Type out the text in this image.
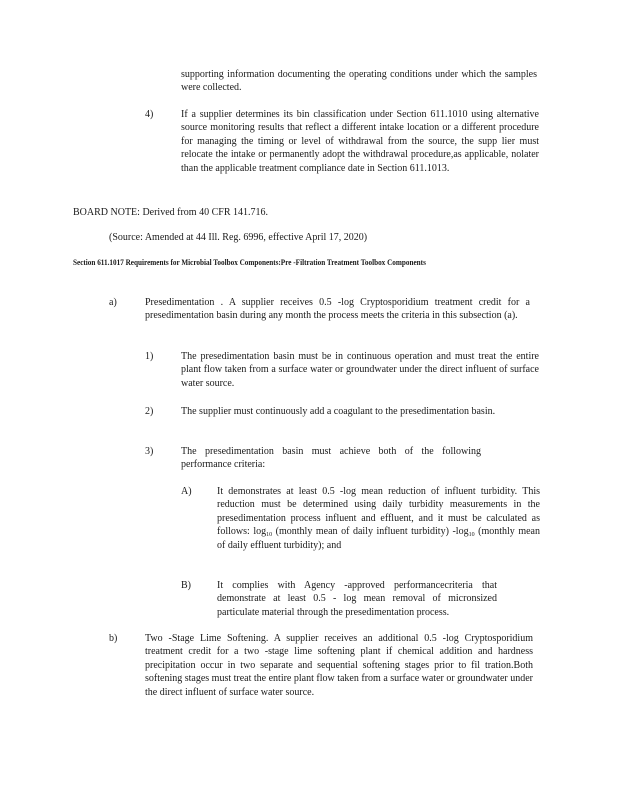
supporting information documenting the operating conditions under which the samples were collected.
4)	If a supplier determines its bin classification under Section 611.1010 using alternative source monitoring results that reflect a different intake location or a different procedure for managing the timing or level of withdrawal from the source, the supp lier must relocate the intake or permanently adopt the withdrawal procedure,as applicable, nolater than the applicable treatment compliance date in Section 611.1013.
BOARD NOTE: Derived from 40 CFR 141.716.
(Source: Amended at 44 Ill. Reg. 6996, effective April 17, 2020)
Section 611.1017 Requirements for Microbial Toolbox Components:Pre -Filtration Treatment Toolbox Components
a)	Presedimentation . A supplier receives 0.5 -log Cryptosporidium treatment credit for a presedimentation basin during any month the process meets the criteria in this subsection (a).
1)	The presedimentation basin must be in continuous operation and must treat the entire plant flow taken from a surface water or groundwater under the direct influent of surface water source.
2)	The supplier must continuously add a coagulant to the presedimentation basin.
3)	The presedimentation basin must achieve both of the following performance criteria:
A)	It demonstrates at least 0.5 -log mean reduction of influent turbidity. This reduction must be determined using daily turbidity measurements in the presedimentation process influent and effluent, and it must be calculated as follows: $\log_{10}$ (monthly mean of daily influent turbidity) $-\log_{10}$ (monthly mean of daily effluent turbidity); and
B)	It complies with Agency -approved performancecriteria that demonstrate at least 0.5 - log mean removal of micronsized particulate material through the presedimentation process.
b)	Two -Stage Lime Softening. A supplier receives an additional 0.5 -log Cryptosporidium treatment credit for a two -stage lime softening plant if chemical addition and hardness precipitation occur in two separate and sequential softening stages prior to fil tration.Both softening stages must treat the entire plant flow taken from a surface water or groundwater under the direct influent of surface water source.
